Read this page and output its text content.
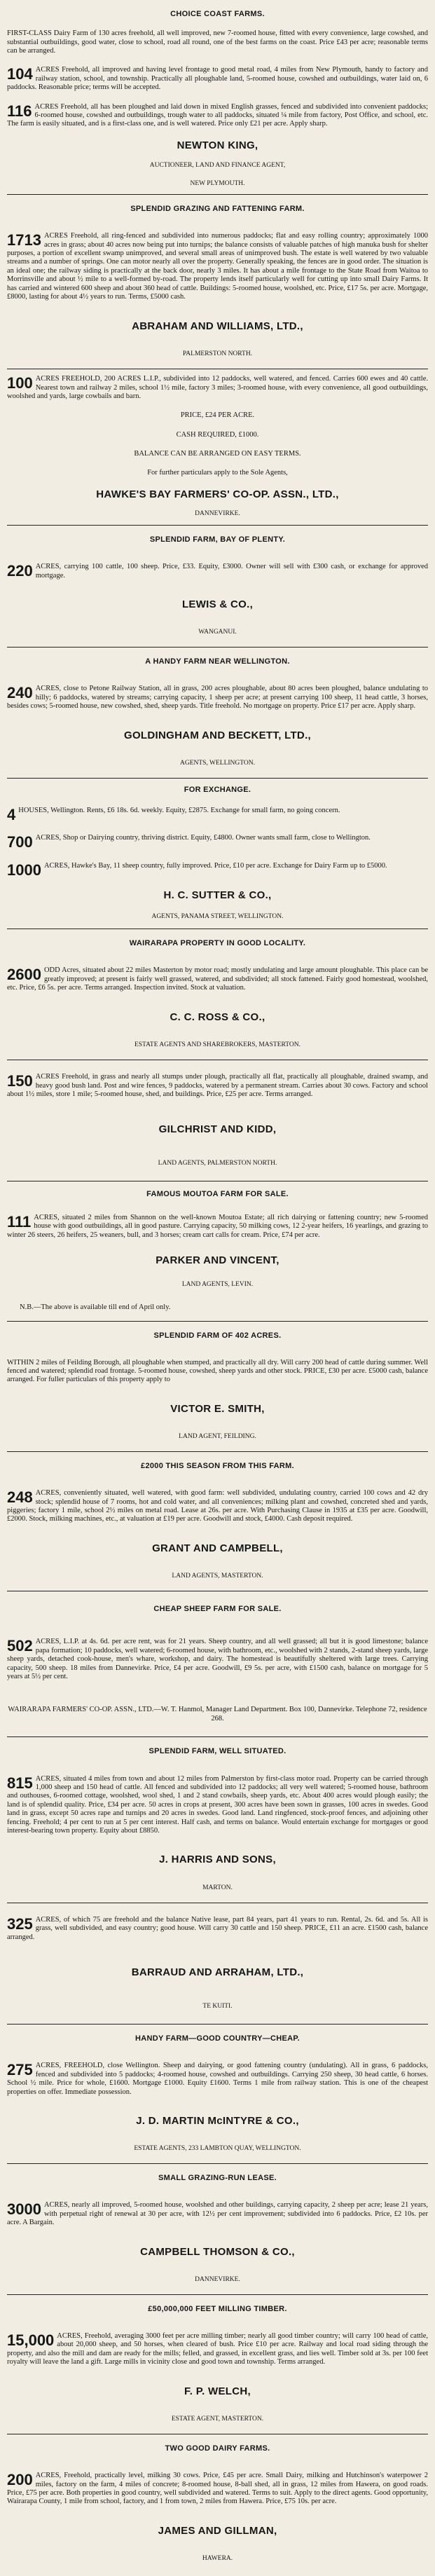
CHOICE COAST FARMS.
FIRST-CLASS Dairy Farm of 130 acres freehold, all well improved, new 7-roomed house, fitted with every convenience, large cowshed, and substantial outbuildings, good water, close to school, road all round, one of the best farms on the coast. Price £43 per acre; reasonable terms can be arranged.
104 ACRES Freehold, all improved and having level frontage to good metal road, 4 miles from New Plymouth, handy to factory and railway station, school, and township. Practically all ploughable land, 5-roomed house, cowshed and outbuildings, water laid on, 6 paddocks. Reasonable price; terms will be accepted.
116 ACRES Freehold, all has been ploughed and laid down in mixed English grasses, fenced and subdivided into convenient paddocks; 6-roomed house, cowshed and outbuildings, trough water to all paddocks, situated ¼ mile from factory, Post Office, and school, etc. The farm is easily situated, and is a first-class one, and is well watered. Price only £21 per acre. Apply sharp.
NEWTON KING,
AUCTIONEER, LAND AND FINANCE AGENT,
NEW PLYMOUTH.
SPLENDID GRAZING AND FATTENING FARM.
1713 ACRES Freehold, all ring-fenced and subdivided into numerous paddocks; flat and easy rolling country; approximately 1000 acres in grass; about 40 acres now being put into turnips; the balance consists of valuable patches of high manuka bush for shelter purposes, a portion of excellent swamp unimproved, and several small areas of unimproved bush. The estate is well watered by two valuable streams and a number of springs. One can motor nearly all over the property. Generally speaking, the fences are in good order. The situation is an ideal one; the railway siding is practically at the back door, nearly 3 miles. It has about a mile frontage to the State Road from Waitoa to Morrinsville and about ½ mile to a well-formed by-road. The property lends itself particularly well for cutting up into small Dairy Farms. It has carried and wintered 600 sheep and about 360 head of cattle. Buildings: 5-roomed house, woolshed, etc. Price, £17 5s. per acre. Mortgage, £8000, lasting for about 4½ years to run. Terms, £5000 cash.
ABRAHAM AND WILLIAMS, LTD.,
PALMERSTON NORTH.
100 ACRES FREEHOLD, 200 ACRES L.I.P., subdivided into 12 paddocks, well watered, and fenced. Carries 600 ewes and 40 cattle. Nearest town and railway 2 miles, school 1½ mile, factory 3 miles; 3-roomed house, with every convenience, all good outbuildings, woolshed and yards, large cowbails and barn.
PRICE, £24 PER ACRE.
CASH REQUIRED, £1000.
BALANCE CAN BE ARRANGED ON EASY TERMS.
For further particulars apply to the Sole Agents,
HAWKE'S BAY FARMERS' CO-OP. ASSN., LTD.,
DANNEVIRKE.
SPLENDID FARM, BAY OF PLENTY.
220 ACRES, carrying 100 cattle, 100 sheep. Price, £33. Equity, £3000. Owner will sell with £300 cash, or exchange for approved mortgage.
LEWIS & CO.,
WANGANUI.
A HANDY FARM NEAR WELLINGTON.
240 ACRES, close to Petone Railway Station, all in grass, 200 acres ploughable, about 80 acres been ploughed, balance undulating to hilly; 6 paddocks, watered by streams; carrying capacity, 1 sheep per acre; at present carrying 100 sheep, 11 head cattle, 3 horses, besides cows; 5-roomed house, new cowshed, shed, sheep yards. Title freehold. No mortgage on property. Price £17 per acre. Apply sharp.
GOLDINGHAM AND BECKETT, LTD.,
AGENTS, WELLINGTON.
FOR EXCHANGE.
4 HOUSES, Wellington. Rents, £6 18s. 6d. weekly. Equity, £2875. Exchange for small farm, no going concern.
700 ACRES, Shop or Dairying country, thriving district. Equity, £4800. Owner wants small farm, close to Wellington.
1000 ACRES, Hawke's Bay, 11 sheep country, fully improved. Price, £10 per acre. Exchange for Dairy Farm up to £5000.
H. C. SUTTER & CO.,
AGENTS, PANAMA STREET, WELLINGTON.
WAIRARAPA PROPERTY IN GOOD LOCALITY.
2600 ODD Acres, situated about 22 miles Masterton by motor road; mostly undulating and large amount ploughable. This place can be greatly improved; at present is fairly well grassed, watered, and subdivided; all stock fattened. Fairly good homestead, woolshed, etc. Price, £6 5s. per acre. Terms arranged. Inspection invited. Stock at valuation.
C. C. ROSS & CO.,
ESTATE AGENTS AND SHAREBROKERS, MASTERTON.
150 ACRES Freehold, in grass and nearly all stumps under plough, practically all flat, practically all ploughable, drained swamp, and heavy good bush land. Post and wire fences, 9 paddocks, watered by a permanent stream. Carries about 30 cows. Factory and school about 1½ miles, store 1 mile; 5-roomed house, shed, and buildings. Price, £25 per acre. Terms arranged.
GILCHRIST AND KIDD,
LAND AGENTS, PALMERSTON NORTH.
FAMOUS MOUTOA FARM FOR SALE.
111 ACRES, situated 2 miles from Shannon on the well-known Moutoa Estate; all rich dairying or fattening country; new 5-roomed house with good outbuildings, all in good pasture. Carrying capacity, 50 milking cows, 12 2-year heifers, 16 yearlings, and grazing to winter 26 steers, 26 heifers, 25 weaners, bull, and 3 horses; cream cart calls for cream. Price, £74 per acre.
PARKER AND VINCENT,
LAND AGENTS, LEVIN.
N.B.—The above is available till end of April only.
SPLENDID FARM OF 402 ACRES.
WITHIN 2 miles of Feilding Borough, all ploughable when stumped, and practically all dry. Will carry 200 head of cattle during summer. Well fenced and watered; splendid road frontage. 5-roomed house, cowshed, sheep yards and other stock. PRICE, £30 per acre. £5000 cash, balance arranged. For fuller particulars of this property apply to
VICTOR E. SMITH,
LAND AGENT, FEILDING.
£2000 THIS SEASON FROM THIS FARM.
248 ACRES, conveniently situated, well watered, with good farm: well subdivided, undulating country, carried 100 cows and 42 dry stock; splendid house of 7 rooms, hot and cold water, and all conveniences; milking plant and cowshed, concreted shed and yards, piggeries; factory 1 mile, school 2½ miles on metal road. Lease at 26s. per acre. With Purchasing Clause in 1935 at £35 per acre. Goodwill, £2000. Stock, milking machines, etc., at valuation at £19 per acre. Goodwill and stock, £4000. Cash deposit required.
GRANT AND CAMPBELL,
LAND AGENTS, MASTERTON.
CHEAP SHEEP FARM FOR SALE.
502 ACRES, L.I.P. at 4s. 6d. per acre rent, was for 21 years. Sheep country, and all well grassed; all but it is good limestone; balance papa formation; 10 paddocks, well watered; 6-roomed house, with bathroom, etc., woolshed with 2 stands, 2-stand sheep yards, large sheep yards, detached cook-house, men's whare, workshop, and dairy. The homestead is beautifully sheltered with large trees. Carrying capacity, 500 sheep. 18 miles from Dannevirke. Price, £4 per acre. Goodwill, £9 5s. per acre, with £1500 cash, balance on mortgage for 5 years at 5½ per cent.
WAIRARAPA FARMERS' CO-OP. ASSN., LTD.—W. T. Hanmol, Manager Land Department. Box 100, Dannevirke. Telephone 72, residence 268.
SPLENDID FARM, WELL SITUATED.
815 ACRES, situated 4 miles from town and about 12 miles from Palmerston by first-class motor road. Property can be carried through 1,000 sheep and 150 head of cattle. All fenced and subdivided into 12 paddocks; all very well watered; 5-roomed house, bathroom and outhouses, 6-roomed cottage, woolshed, wool shed, 1 and 2 stand cowbails, sheep yards, etc. About 400 acres would plough easily; the land is of splendid quality. Price, £34 per acre. 50 acres in crops at present, 300 acres have been sown in grasses, 100 acres in swedes. Good land in grass, except 50 acres rape and turnips and 20 acres in swedes. Good land. Land ringfenced, stock-proof fences, and adjoining other fencing. Freehold; 4 per cent to run at 5 per cent interest. Half cash, and terms on balance. Would entertain exchange for mortgages or good interest-bearing town property. Equity about £8850.
J. HARRIS AND SONS,
MARTON.
325 ACRES, of which 75 are freehold and the balance Native lease, part 84 years, part 41 years to run. Rental, 2s. 6d. and 5s. All is grass, well subdivided, and easy country; good house. Will carry 30 cattle and 150 sheep. PRICE, £11 an acre. £1500 cash, balance arranged.
BARRAUD AND ARRAHAM, LTD.,
TE KUITI.
HANDY FARM—GOOD COUNTRY—CHEAP.
275 ACRES, FREEHOLD, close Wellington. Sheep and dairying, or good fattening country (undulating). All in grass, 6 paddocks, fenced and subdivided into 5 paddocks; 4-roomed house, cowshed and outbuildings. Carrying 250 sheep, 30 head cattle, 6 horses. School ½ mile. Price for whole, £1600. Mortgage £1000. Equity £1600. Terms 1 mile from railway station. This is one of the cheapest properties on offer. Immediate possession.
J. D. MARTIN McINTYRE & CO.,
ESTATE AGENTS, 233 LAMBTON QUAY, WELLINGTON.
SMALL GRAZING-RUN LEASE.
3000 ACRES, nearly all improved, 5-roomed house, woolshed and other buildings, carrying capacity, 2 sheep per acre; lease 21 years, with perpetual right of renewal at 30 per acre, with 12½ per cent improvement; subdivided into 6 paddocks. Price, £2 10s. per acre. A Bargain.
CAMPBELL THOMSON & CO.,
DANNEVIRKE.
£50,000,000 FEET MILLING TIMBER.
15,000 ACRES, Freehold, averaging 3000 feet per acre milling timber; nearly all good timber country; will carry 100 head of cattle, about 20,000 sheep, and 50 horses, when cleared of bush. Price £10 per acre. Railway and local road siding through the property, and also the mill and dam are ready for the mills; felled, and grassed, in excellent grass, and lies well. Timber sold at 3s. per 100 feet royalty will leave the land a gift. Large mills in vicinity close and good town and township. Terms arranged.
F. P. WELCH,
ESTATE AGENT, MASTERTON.
TWO GOOD DAIRY FARMS.
200 ACRES, Freehold, practically level, milking 30 cows. Price, £45 per acre. Small Dairy, milking and Hutchinson's waterpower 2 miles, factory on the farm, 4 miles of concrete; 8-roomed house, 8-ball shed, all in grass, 12 miles from Hawera, on good roads. Price, £75 per acre. Both properties in good country, well subdivided and watered. Terms to suit. Apply to the direct agents. Good opportunity, Wairarapa County, 1 mile from school, factory, and 1 from town, 2 miles from Hawera. Price, £75 10s. per acre.
JAMES AND GILLMAN,
HAWERA.
